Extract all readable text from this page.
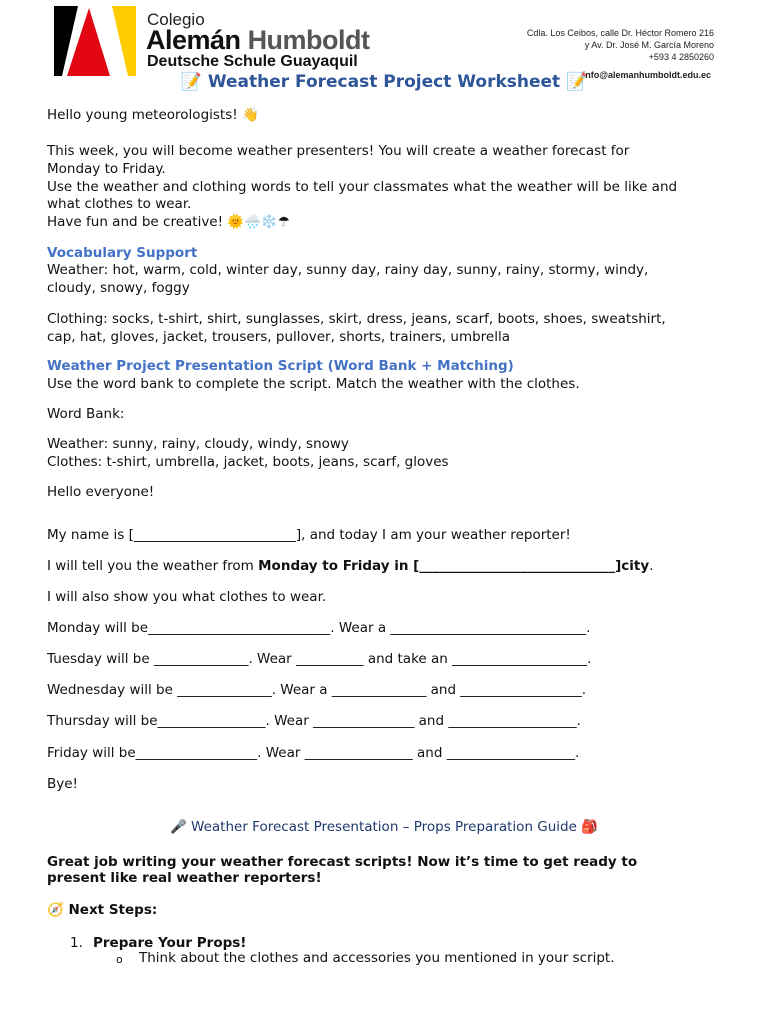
Colegio
Alemán Humboldt
Deutsche Schule Guayaquil
Cdla. Los Ceibos, calle Dr. Héctor Romero 216
y Av. Dr. José M. García Moreno
+593 4 2850260
info@alemanhumboldt.edu.ec
📝 Weather Forecast Project Worksheet 📝
Hello young meteorologists! 👋
This week, you will become weather presenters! You will create a weather forecast for
Monday to Friday.
Use the weather and clothing words to tell your classmates what the weather will be like and
what clothes to wear.
Have fun and be creative! 🌞🌧️❄️☂
Vocabulary Support
Weather: hot, warm, cold, winter day, sunny day, rainy day, sunny, rainy, stormy, windy,
cloudy, snowy, foggy
Clothing: socks, t-shirt, shirt, sunglasses, skirt, dress, jeans, scarf, boots, shoes, sweatshirt,
cap, hat, gloves, jacket, trousers, pullover, shorts, trainers, umbrella
Weather Project Presentation Script (Word Bank + Matching)
Use the word bank to complete the script. Match the weather with the clothes.
Word Bank:
Weather: sunny, rainy, cloudy, windy, snowy
Clothes: t-shirt, umbrella, jacket, boots, jeans, scarf, gloves
Hello everyone!
My name is [________________________], and today I am your weather reporter!
I will tell you the weather from Monday to Friday in [_____________________________]city.
I will also show you what clothes to wear.
Monday will be___________________________. Wear a _____________________________.
Tuesday will be ______________. Wear __________ and take an ____________________.
Wednesday will be ______________. Wear a ______________ and __________________.
Thursday will be________________. Wear _______________ and ___________________.
Friday will be__________________. Wear ________________ and ___________________.
Bye!
🎤 Weather Forecast Presentation – Props Preparation Guide 🎒
Great job writing your weather forecast scripts! Now it’s time to get ready to
present like real weather reporters!
🧭 Next Steps:
1. Prepare Your Props!
o Think about the clothes and accessories you mentioned in your script.
